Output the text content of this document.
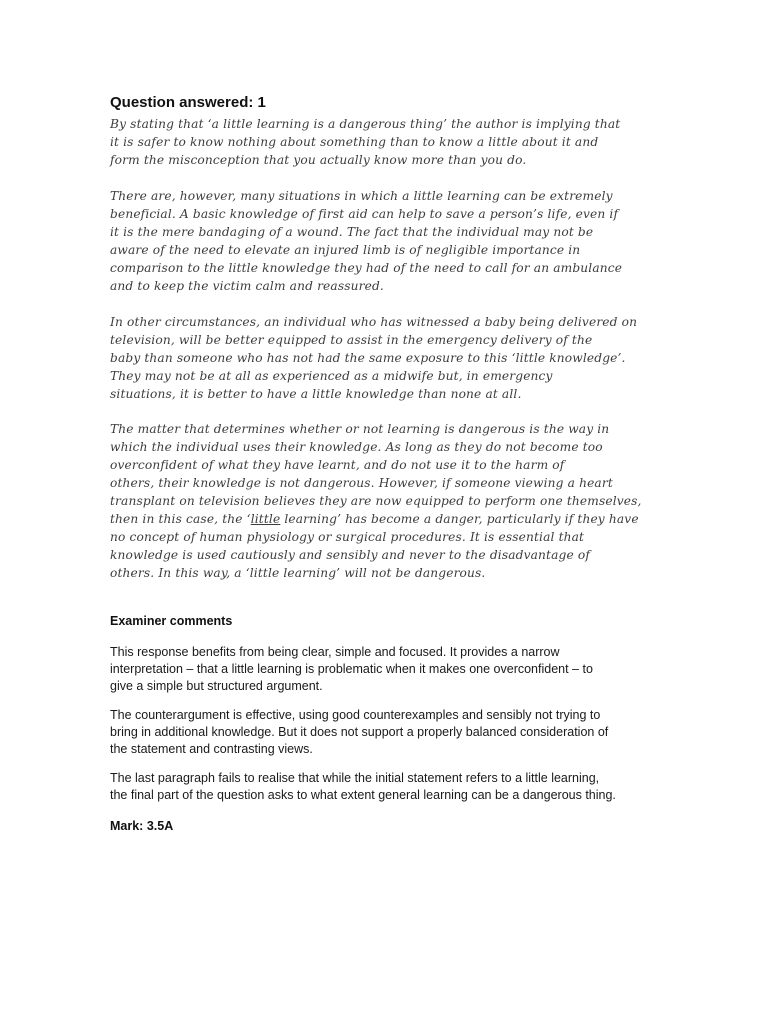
Question answered: 1
By stating that ‘a little learning is a dangerous thing’ the author is implying that
it is safer to know nothing about something than to know a little about it and
form the misconception that you actually know more than you do.
There are, however, many situations in which a little learning can be extremely
beneficial. A basic knowledge of first aid can help to save a person’s life, even if
it is the mere bandaging of a wound. The fact that the individual may not be
aware of the need to elevate an injured limb is of negligible importance in
comparison to the little knowledge they had of the need to call for an ambulance
and to keep the victim calm and reassured.
In other circumstances, an individual who has witnessed a baby being delivered on
television, will be better equipped to assist in the emergency delivery of the
baby than someone who has not had the same exposure to this ‘little knowledge’.
They may not be at all as experienced as a midwife but, in emergency
situations, it is better to have a little knowledge than none at all.
The matter that determines whether or not learning is dangerous is the way in
which the individual uses their knowledge. As long as they do not become too
overconfident of what they have learnt, and do not use it to the harm of
others, their knowledge is not dangerous. However, if someone viewing a heart
transplant on television believes they are now equipped to perform one themselves,
then in this case, the ‘little learning’ has become a danger, particularly if they have
no concept of human physiology or surgical procedures. It is essential that
knowledge is used cautiously and sensibly and never to the disadvantage of
others. In this way, a ‘little learning’ will not be dangerous.
Examiner comments
This response benefits from being clear, simple and focused. It provides a narrow
interpretation – that a little learning is problematic when it makes one overconfident – to
give a simple but structured argument.
The counterargument is effective, using good counterexamples and sensibly not trying to
bring in additional knowledge. But it does not support a properly balanced consideration of
the statement and contrasting views.
The last paragraph fails to realise that while the initial statement refers to a little learning,
the final part of the question asks to what extent general learning can be a dangerous thing.
Mark: 3.5A
